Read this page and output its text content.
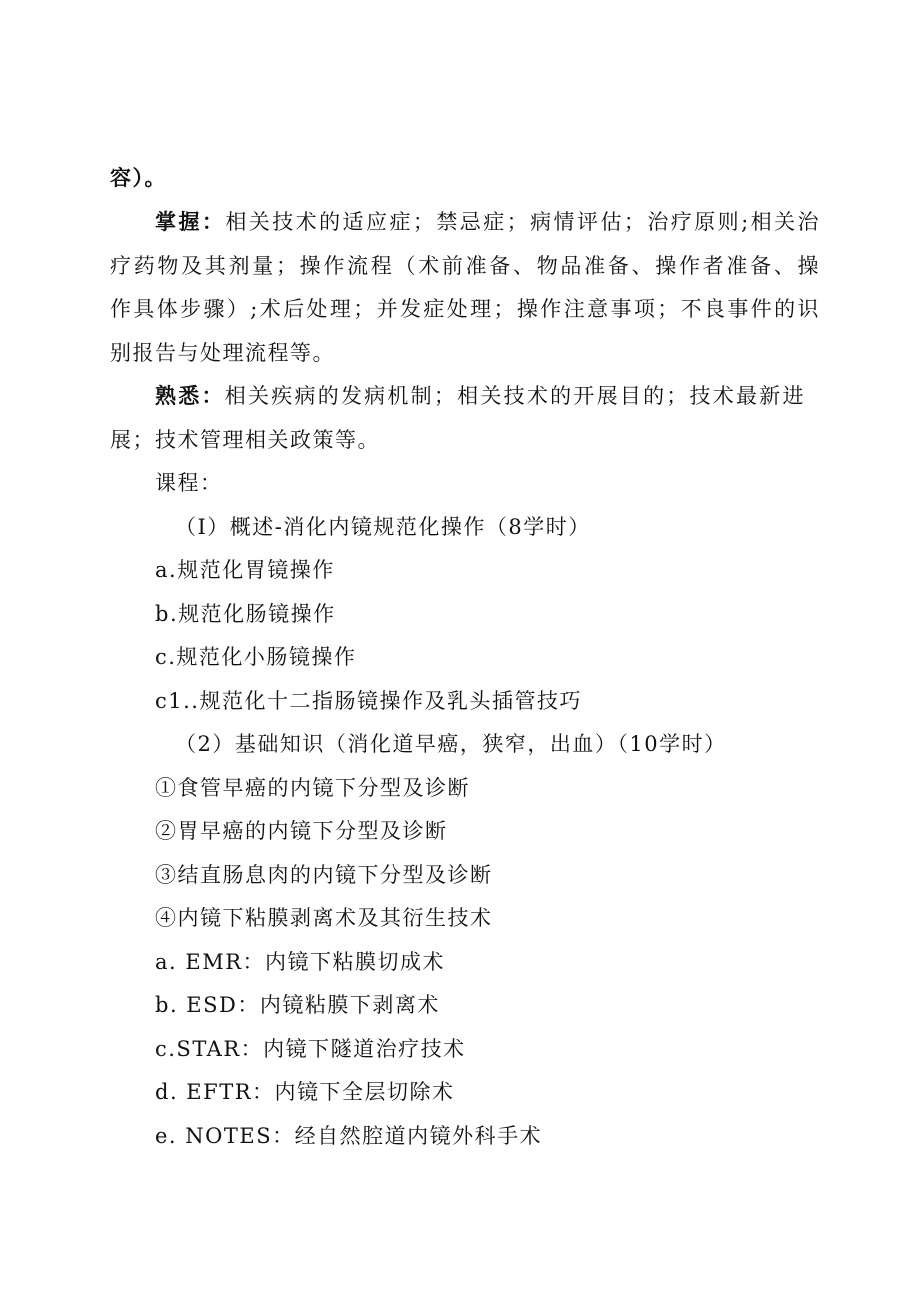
容）。
掌握：相关技术的适应症；禁忌症；病情评估；治疗原则;相关治
疗药物及其剂量；操作流程（术前准备、物品准备、操作者准备、操
作具体步骤）;术后处理；并发症处理；操作注意事项；不良事件的识
别报告与处理流程等。
熟悉：相关疾病的发病机制；相关技术的开展目的；技术最新进
展；技术管理相关政策等。
课程：
（I）概述-消化内镜规范化操作（8学时）
a.规范化胃镜操作
b.规范化肠镜操作
c.规范化小肠镜操作
c1..规范化十二指肠镜操作及乳头插管技巧
（2）基础知识（消化道早癌，狭窄，出血）（10学时）
①食管早癌的内镜下分型及诊断
②胃早癌的内镜下分型及诊断
③结直肠息肉的内镜下分型及诊断
④内镜下粘膜剥离术及其衍生技术
a. EMR：内镜下粘膜切成术
b. ESD：内镜粘膜下剥离术
c.STAR：内镜下隧道治疗技术
d. EFTR：内镜下全层切除术
e. NOTES：经自然腔道内镜外科手术
